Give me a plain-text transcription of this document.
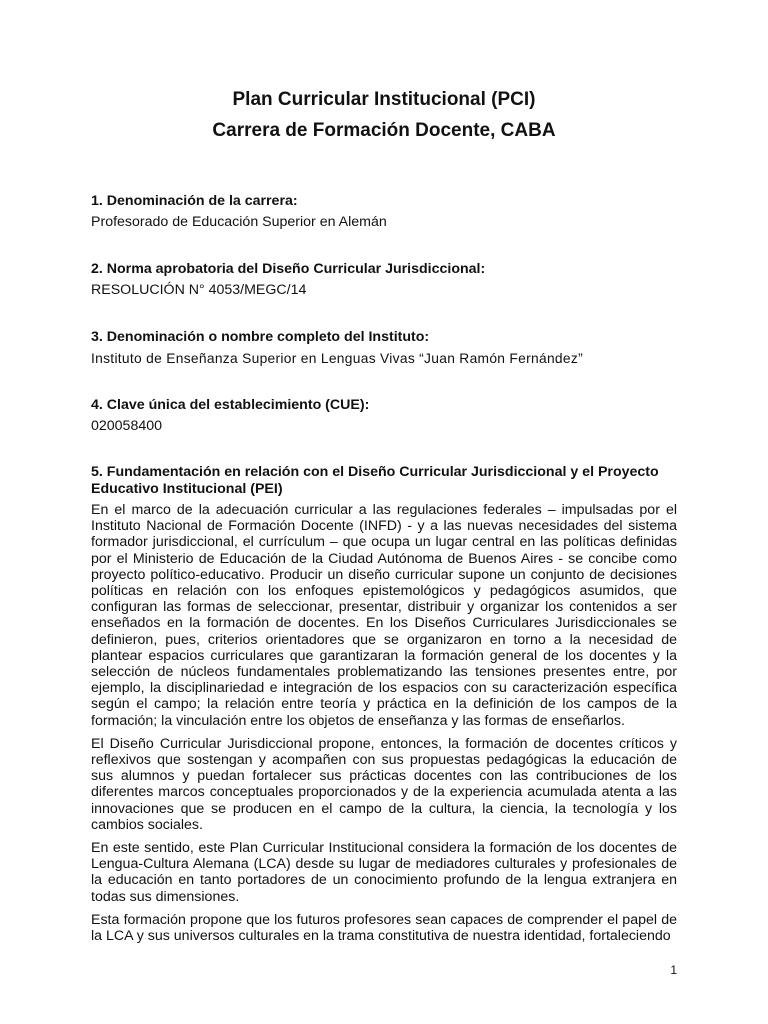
Plan Curricular Institucional (PCI)

Carrera de Formación Docente, CABA

1. Denominación de la carrera:

Profesorado de Educación Superior en Alemán

2. Norma aprobatoria del Diseño Curricular Jurisdiccional:

RESOLUCIÓN N° 4053/MEGC/14

3. Denominación o nombre completo del Instituto:

Instituto de Enseñanza Superior en Lenguas Vivas “Juan Ramón Fernández”

4. Clave única del establecimiento (CUE):

020058400

5. Fundamentación en relación con el Diseño Curricular Jurisdiccional y el Proyecto Educativo Institucional (PEI)

En el marco de la adecuación curricular a las regulaciones federales – impulsadas por el Instituto Nacional de Formación Docente (INFD) - y a las nuevas necesidades del sistema formador jurisdiccional, el currículum – que ocupa un lugar central en las políticas definidas por el Ministerio de Educación de la Ciudad Autónoma de Buenos Aires - se concibe como proyecto político-educativo. Producir un diseño curricular supone un conjunto de decisiones políticas en relación con los enfoques epistemológicos y pedagógicos asumidos, que configuran las formas de seleccionar, presentar, distribuir y organizar los contenidos a ser enseñados en la formación de docentes. En los Diseños Curriculares Jurisdiccionales se definieron, pues, criterios orientadores que se organizaron en torno a la necesidad de plantear espacios curriculares que garantizaran la formación general de los docentes y la selección de núcleos fundamentales problematizando las tensiones presentes entre, por ejemplo, la disciplinariedad e integración de los espacios con su caracterización específica según el campo; la relación entre teoría y práctica en la definición de los campos de la formación; la vinculación entre los objetos de enseñanza y las formas de enseñarlos.

El Diseño Curricular Jurisdiccional propone, entonces, la formación de docentes críticos y reflexivos que sostengan y acompañen con sus propuestas pedagógicas la educación de sus alumnos y puedan fortalecer sus prácticas docentes con las contribuciones de los diferentes marcos conceptuales proporcionados y de la experiencia acumulada atenta a las innovaciones que se producen en el campo de la cultura, la ciencia, la tecnología y los cambios sociales.

En este sentido, este Plan Curricular Institucional considera la formación de los docentes de Lengua-Cultura Alemana (LCA) desde su lugar de mediadores culturales y profesionales de la educación en tanto portadores de un conocimiento profundo de la lengua extranjera en todas sus dimensiones.

Esta formación propone que los futuros profesores sean capaces de comprender el papel de la LCA y sus universos culturales en la trama constitutiva de nuestra identidad, fortaleciendo

1
